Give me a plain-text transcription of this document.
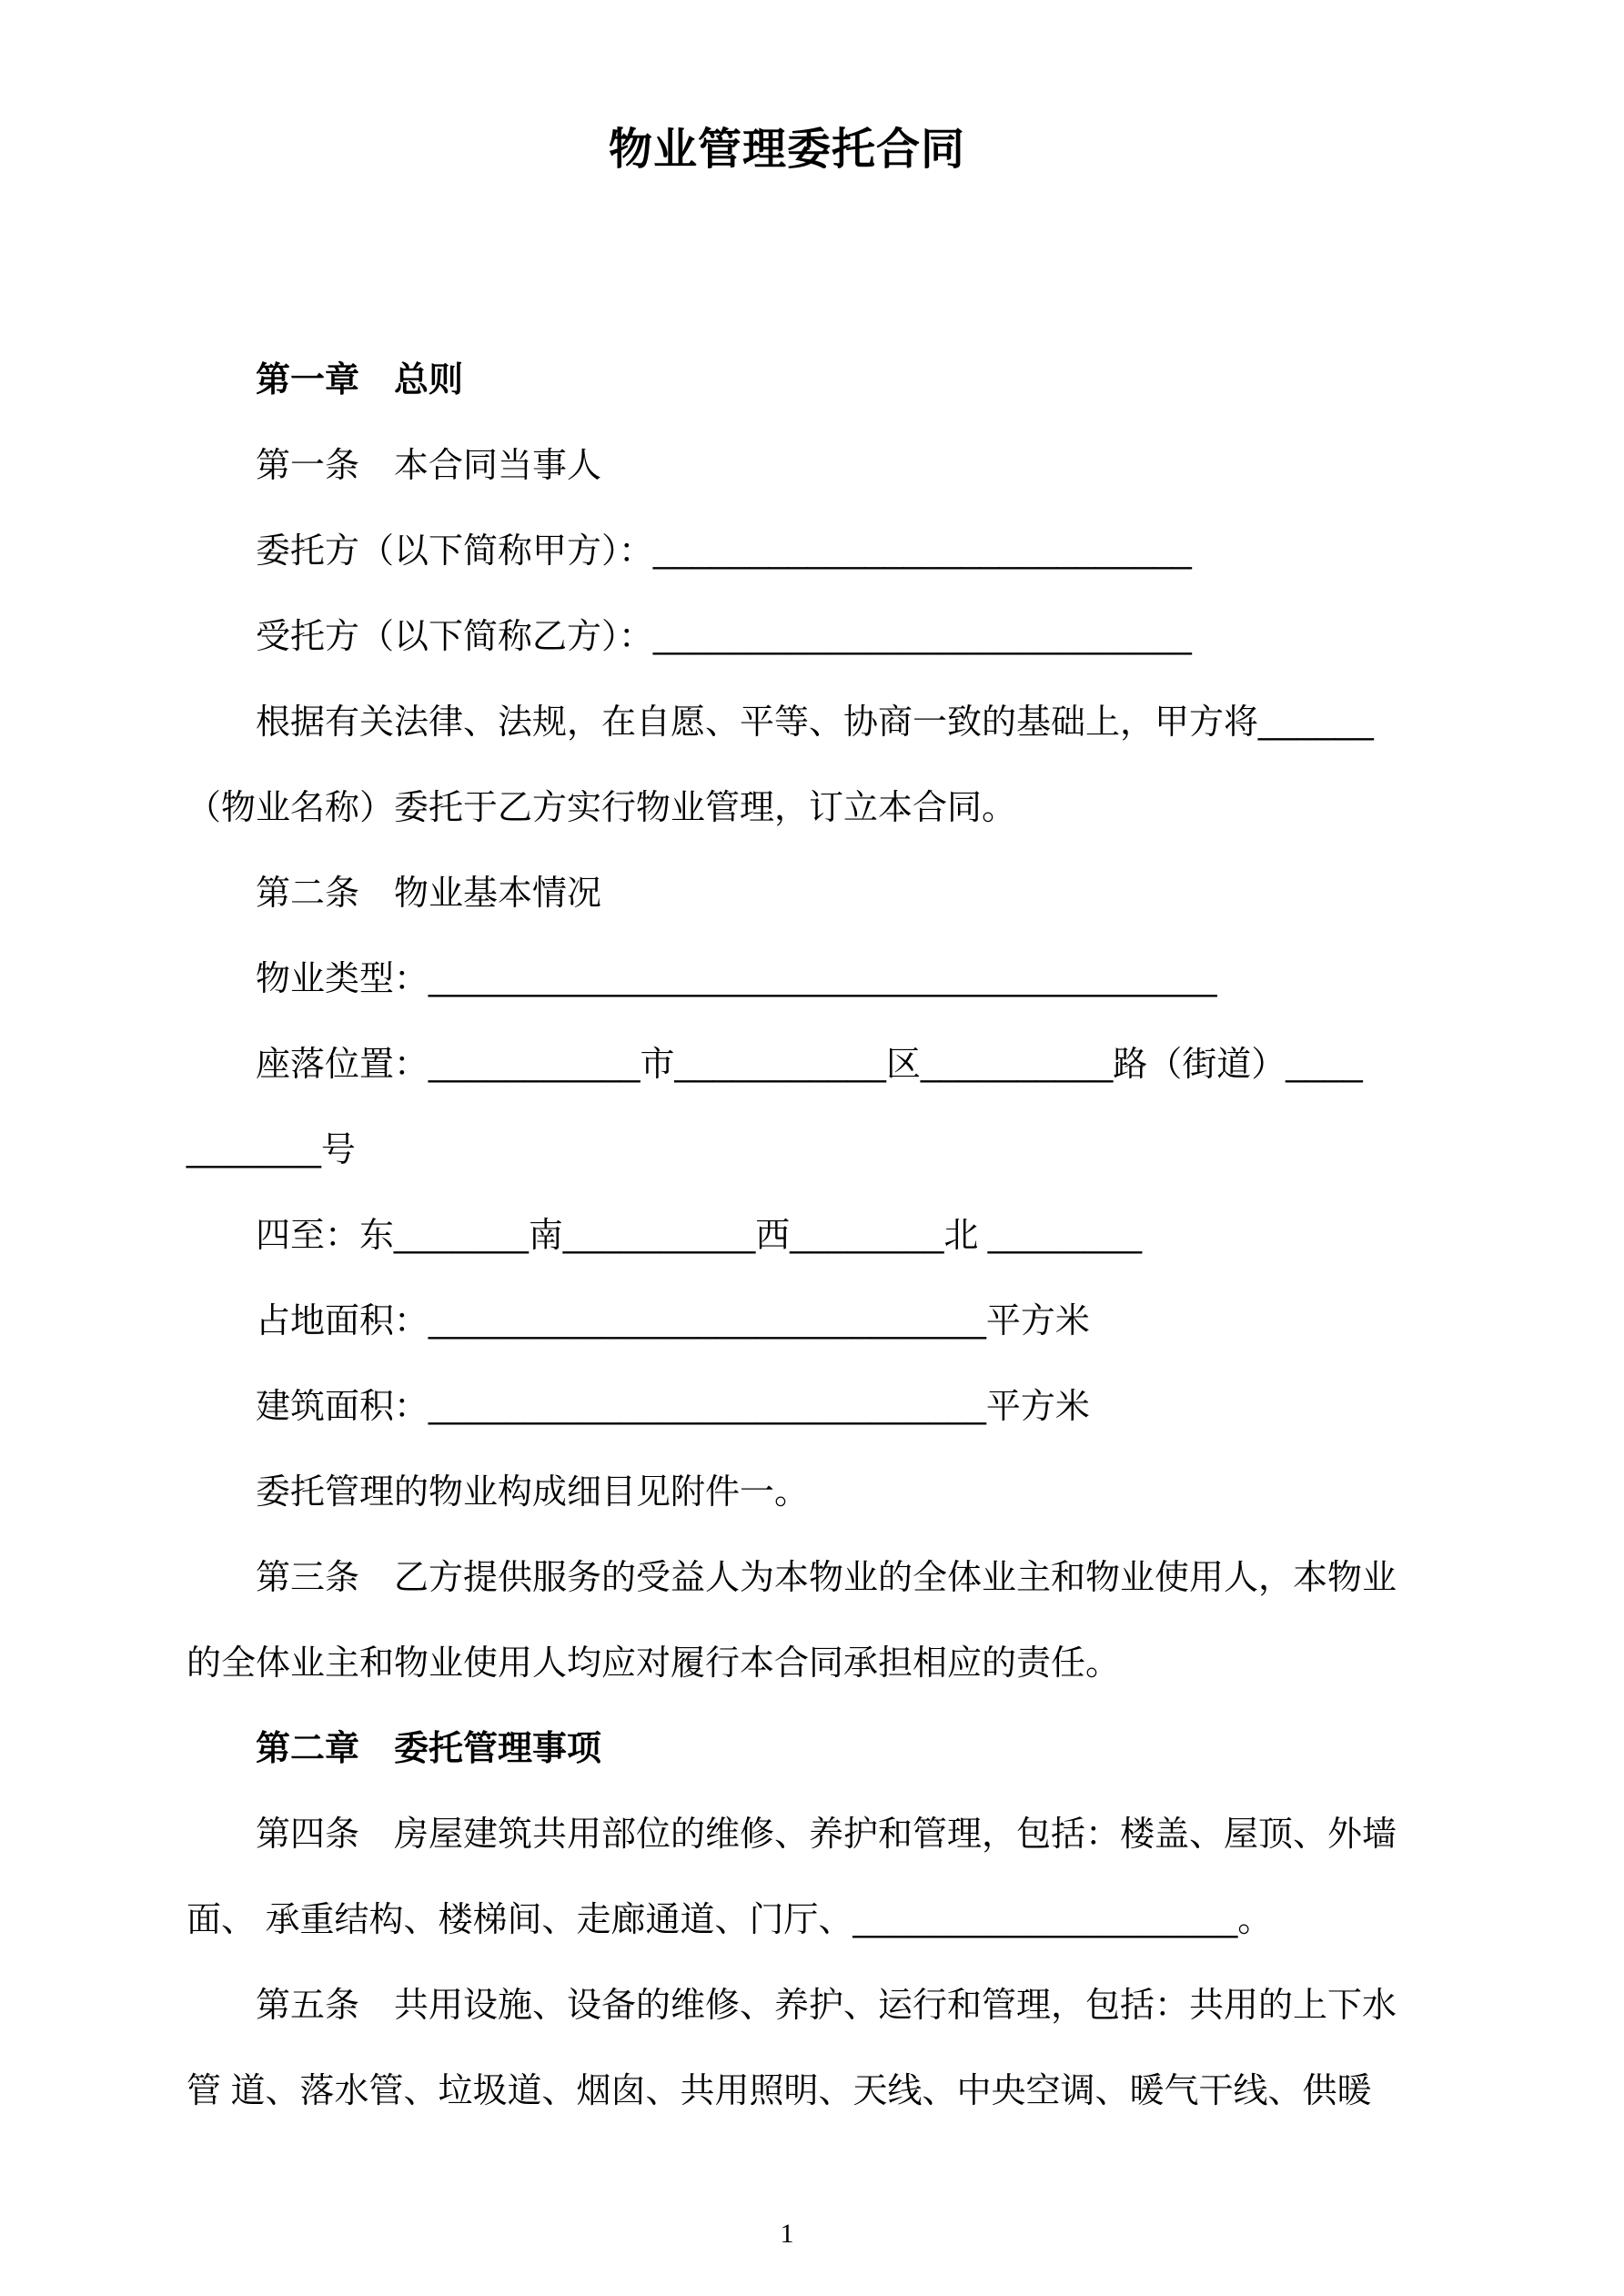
物业管理委托合同
第一章　总则
第一条　本合同当事人
委托方（以下简称甲方）：____________________________
受托方（以下简称乙方）：____________________________
根据有关法律、法规，在自愿、平等、协商一致的基础上，甲方将______
（物业名称）委托于乙方实行物业管理，订立本合同。
第二条　物业基本情况
物业类型：_________________________________________
座落位置：___________市___________区__________路（街道）____
_______号
四至：东_______南__________西________北 ________
占地面积：_____________________________平方米
建筑面积：_____________________________平方米
委托管理的物业构成细目见附件一。
第三条　乙方提供服务的受益人为本物业的全体业主和物业使用人，本物业
的全体业主和物业使用人均应对履行本合同承担相应的责任。
第二章　委托管理事项
第四条　房屋建筑共用部位的维修、养护和管理，包括：楼盖、屋顶、外墙
面、 承重结构、楼梯间、走廊通道、门厅、____________________。
第五条　共用设施、设备的维修、养护、运行和管理，包括：共用的上下水
管 道、落水管、垃圾道、烟囱、共用照明、天线、中央空调、暖气干线、供暖
1
